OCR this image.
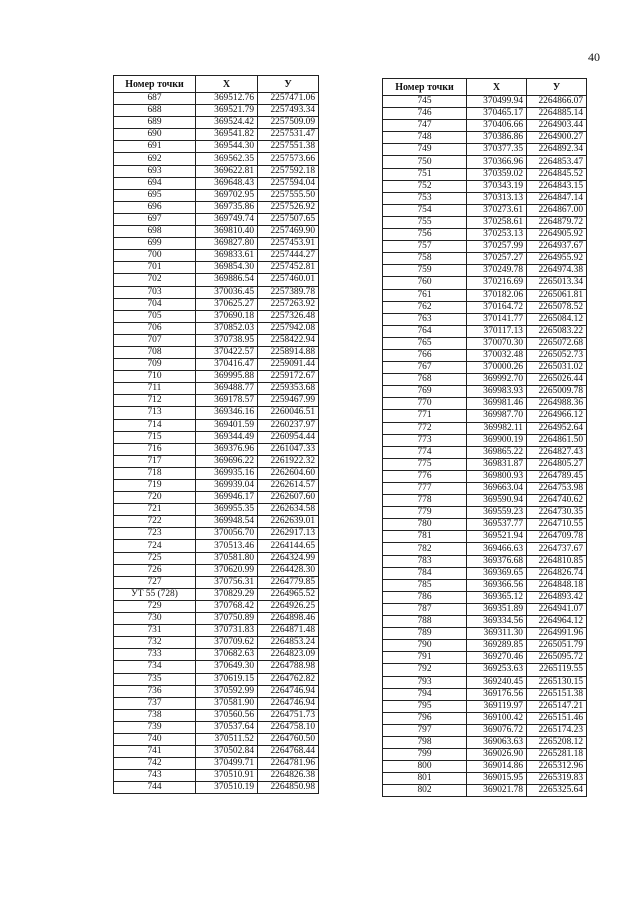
40
Номер точки	X	У
687	369512.76	2257471.06
688	369521.79	2257493.34
689	369524.42	2257509.09
690	369541.82	2257531.47
691	369544.30	2257551.38
692	369562.35	2257573.66
693	369622.81	2257592.18
694	369648.43	2257594.04
695	369702.95	2257555.50
696	369735.86	2257526.92
697	369749.74	2257507.65
698	369810.40	2257469.90
699	369827.80	2257453.91
700	369833.61	2257444.27
701	369854.30	2257452.81
702	369886.54	2257460.01
703	370036.45	2257389.78
704	370625.27	2257263.92
705	370690.18	2257326.48
706	370852.03	2257942.08
707	370738.95	2258422.94
708	370422.57	2258914.88
709	370416.47	2259091.44
710	369995.88	2259172.67
711	369488.77	2259353.68
712	369178.57	2259467.99
713	369346.16	2260046.51
714	369401.59	2260237.97
715	369344.49	2260954.44
716	369376.96	2261047.33
717	369696.22	2261922.32
718	369935.16	2262604.60
719	369939.04	2262614.57
720	369946.17	2262607.60
721	369955.35	2262634.58
722	369948.54	2262639.01
723	370056.70	2262917.13
724	370513.46	2264144.65
725	370581.80	2264324.99
726	370620.99	2264428.30
727	370756.31	2264779.85
УТ 55 (728)	370829.29	2264965.52
729	370768.42	2264926.25
730	370750.89	2264898.46
731	370731.83	2264871.48
732	370709.62	2264853.24
733	370682.63	2264823.09
734	370649.30	2264788.98
735	370619.15	2264762.82
736	370592.99	2264746.94
737	370581.90	2264746.94
738	370560.56	2264751.73
739	370537.64	2264758.10
740	370511.52	2264760.50
741	370502.84	2264768.44
742	370499.71	2264781.96
743	370510.91	2264826.38
744	370510.19	2264850.98
Номер точки	X	У
745	370499.94	2264866.07
746	370465.17	2264885.14
747	370406.66	2264903.44
748	370386.86	2264900.27
749	370377.35	2264892.34
750	370366.96	2264853.47
751	370359.02	2264845.52
752	370343.19	2264843.15
753	370313.13	2264847.14
754	370273.61	2264867.00
755	370258.61	2264879.72
756	370253.13	2264905.92
757	370257.99	2264937.67
758	370257.27	2264955.92
759	370249.78	2264974.38
760	370216.69	2265013.34
761	370182.06	2265061.81
762	370164.72	2265078.52
763	370141.77	2265084.12
764	370117.13	2265083.22
765	370070.30	2265072.68
766	370032.48	2265052.73
767	370000.26	2265031.02
768	369992.70	2265026.44
769	369983.93	2265009.78
770	369981.46	2264988.36
771	369987.70	2264966.12
772	369982.11	2264952.64
773	369900.19	2264861.50
774	369865.22	2264827.43
775	369831.87	2264805.27
776	369800.93	2264789.45
777	369663.04	2264753.98
778	369590.94	2264740.62
779	369559.23	2264730.35
780	369537.77	2264710.55
781	369521.94	2264709.78
782	369466.63	2264737.67
783	369376.68	2264810.85
784	369369.65	2264826.74
785	369366.56	2264848.18
786	369365.12	2264893.42
787	369351.89	2264941.07
788	369334.56	2264964.12
789	369311.30	2264991.96
790	369289.85	2265051.79
791	369270.46	2265095.72
792	369253.63	2265119.55
793	369240.45	2265130.15
794	369176.56	2265151.38
795	369119.97	2265147.21
796	369100.42	2265151.46
797	369076.72	2265174.23
798	369063.63	2265208.12
799	369026.90	2265281.18
800	369014.86	2265312.96
801	369015.95	2265319.83
802	369021.78	2265325.64
